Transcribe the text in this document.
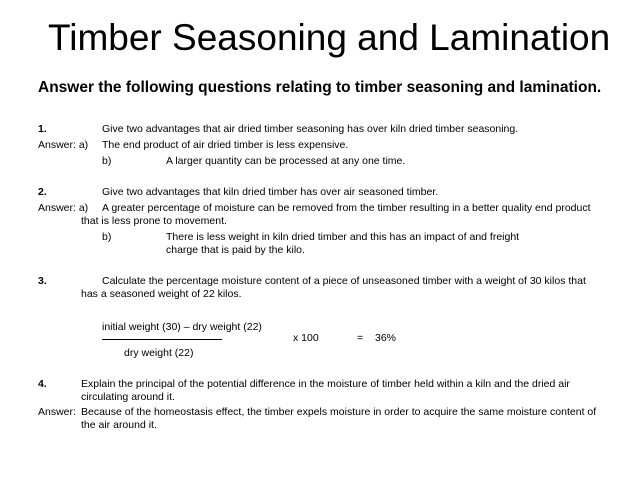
Timber Seasoning and Lamination
Answer the following questions relating to timber seasoning and lamination.
1.	Give two advantages that air dried timber seasoning has over kiln dried timber seasoning.
Answer: a) The end product of air dried timber is less expensive.
b)	A larger quantity can be processed at any one time.
2.	Give two advantages that kiln dried timber has over air seasoned timber.
Answer: a) A greater percentage of moisture can be removed from the timber resulting in a better quality end product
that is less prone to movement.
b)	There is less weight in kiln dried timber and this has an impact of and freight
charge that is paid by the kilo.
3.	Calculate the percentage moisture content of a piece of unseasoned timber with a weight of 30 kilos that
has a seasoned weight of 22 kilos.
initial weight (30) – dry weight (22)
x 100	= 36%
dry weight (22)
4.	Explain the principal of the potential difference in the moisture of timber held within a kiln and the dried air
circulating around it.
Answer: Because of the homeostasis effect, the timber expels moisture in order to acquire the same moisture content of
the air around it.
